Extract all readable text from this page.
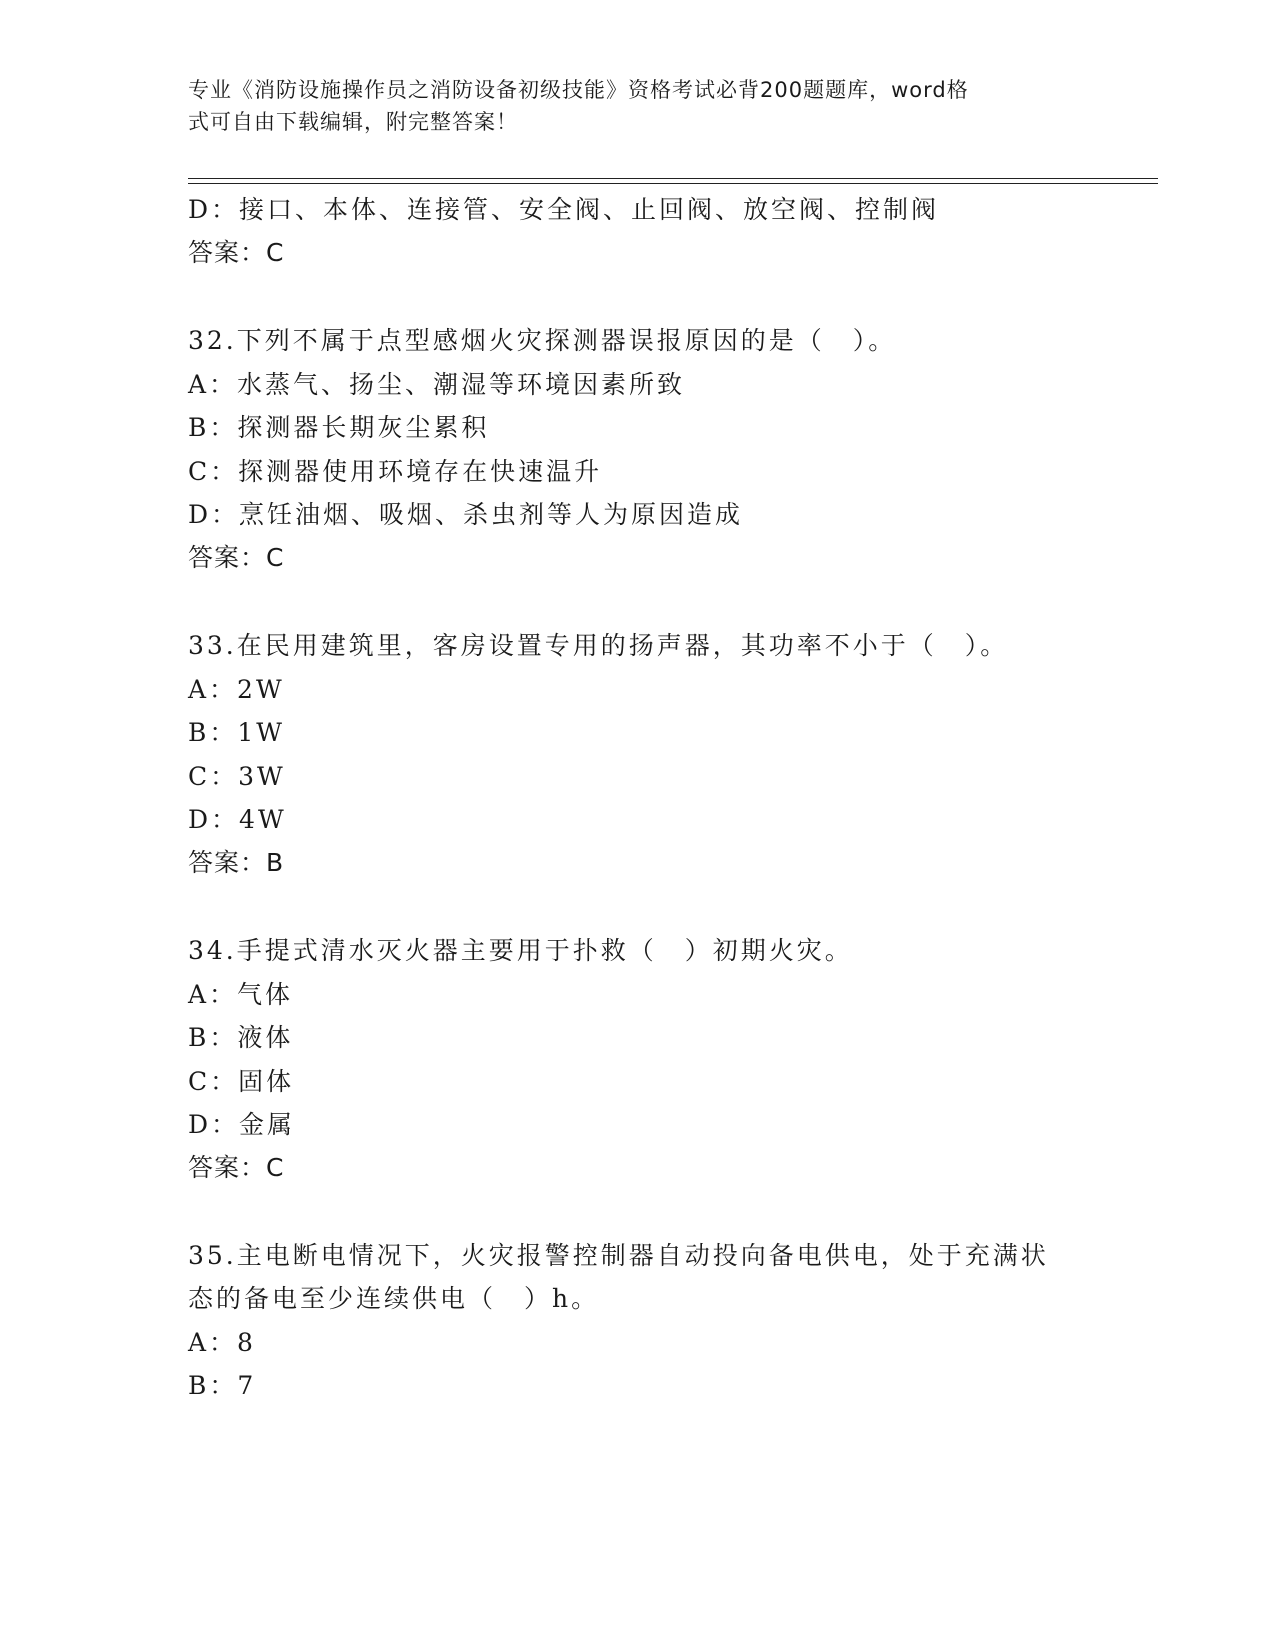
专业《消防设施操作员之消防设备初级技能》资格考试必背200题题库，word格
式可自由下载编辑，附完整答案！
D：接口、本体、连接管、安全阀、止回阀、放空阀、控制阀
答案：C
32.下列不属于点型感烟火灾探测器误报原因的是（　）。
A：水蒸气、扬尘、潮湿等环境因素所致
B：探测器长期灰尘累积
C：探测器使用环境存在快速温升
D：烹饪油烟、吸烟、杀虫剂等人为原因造成
答案：C
33.在民用建筑里，客房设置专用的扬声器，其功率不小于（　）。
A：2W
B：1W
C：3W
D：4W
答案：B
34.手提式清水灭火器主要用于扑救（　）初期火灾。
A：气体
B：液体
C：固体
D：金属
答案：C
35.主电断电情况下，火灾报警控制器自动投向备电供电，处于充满状
态的备电至少连续供电（　）h。
A：8
B：7
